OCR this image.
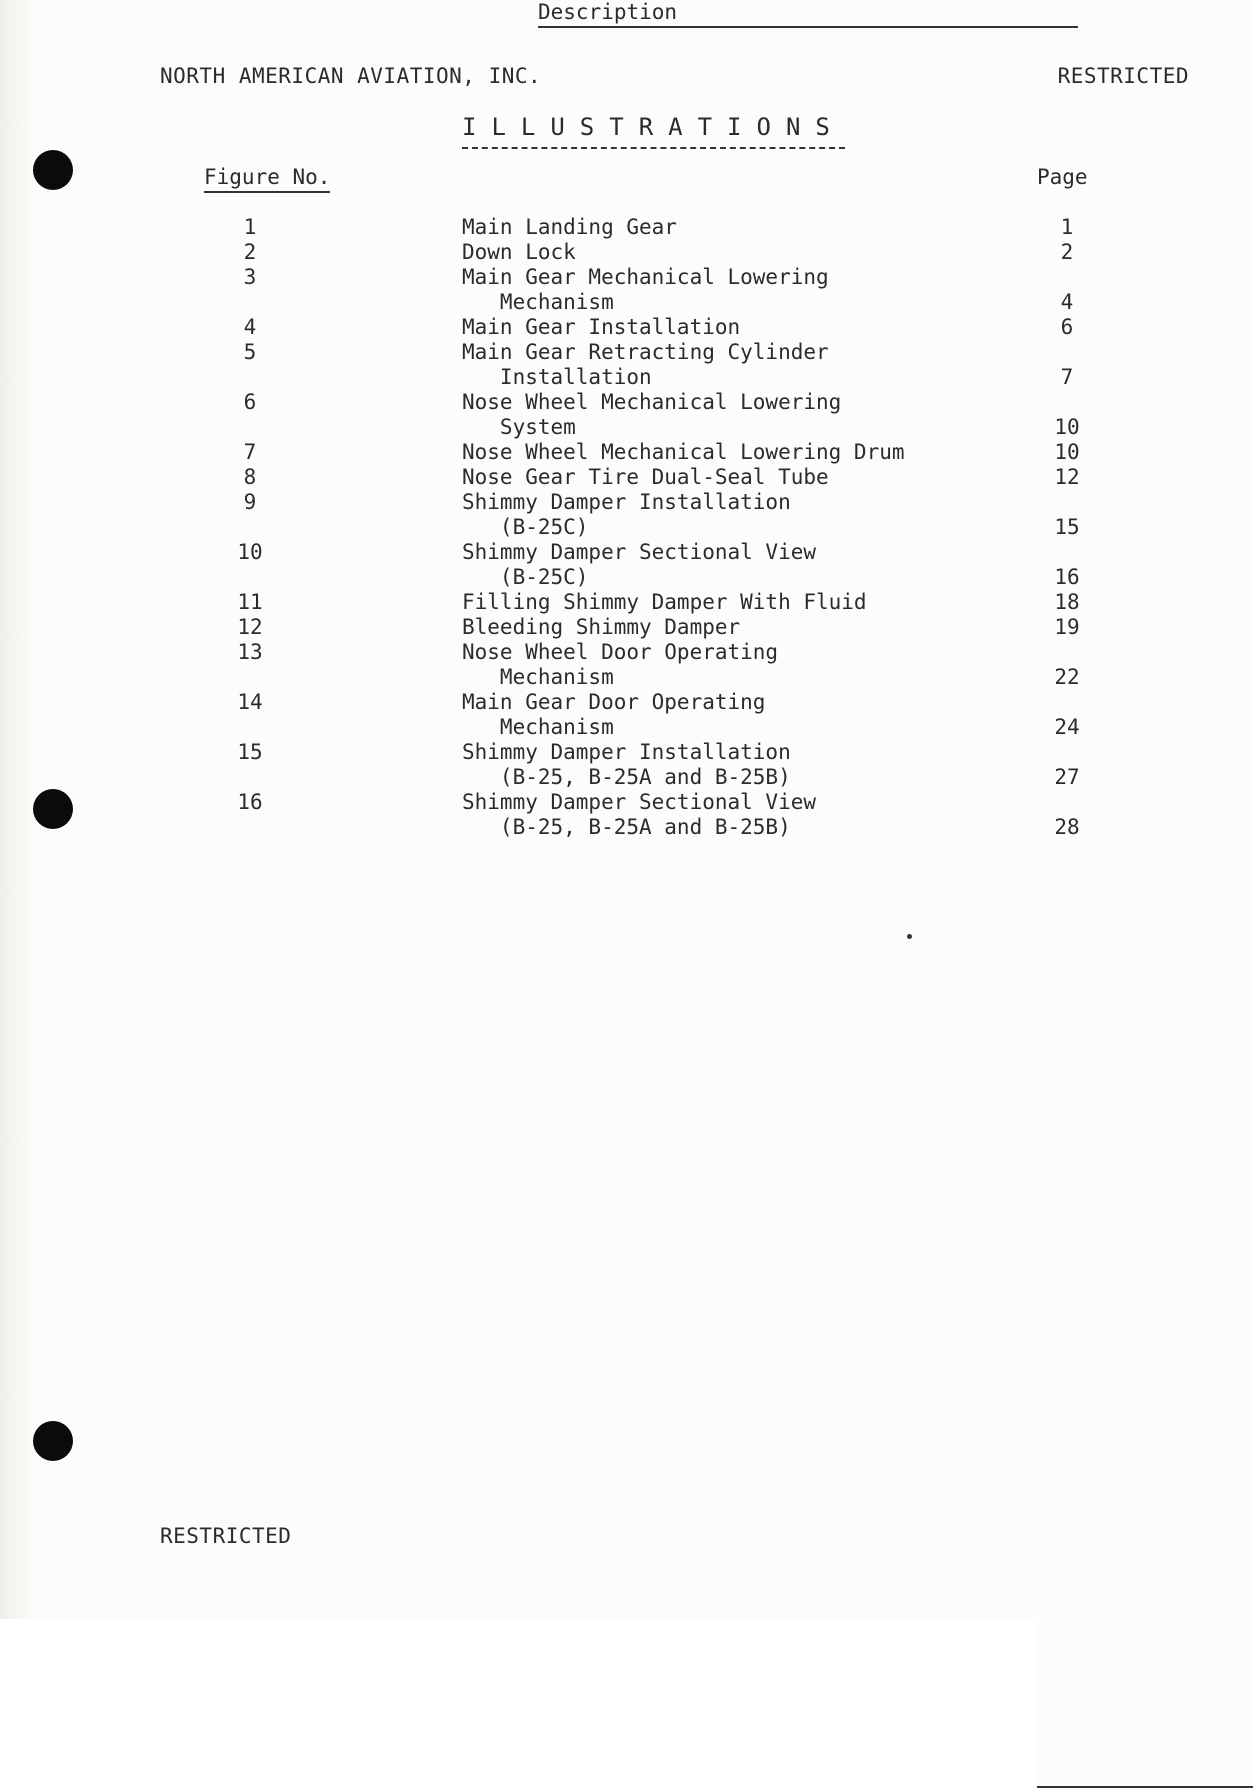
NORTH AMERICAN AVIATION, INC.	RESTRICTED
ILLUSTRATIONS
Figure No.
Description
Page
1	Main Landing Gear	1
2	Down Lock	2
3	Main Gear Mechanical Lowering
Mechanism	4
4	Main Gear Installation	6
5	Main Gear Retracting Cylinder
Installation	7
6	Nose Wheel Mechanical Lowering
System	10
7	Nose Wheel Mechanical Lowering Drum	10
8	Nose Gear Tire Dual-Seal Tube	12
9	Shimmy Damper Installation
(B-25C)	15
10	Shimmy Damper Sectional View
(B-25C)	16
11	Filling Shimmy Damper With Fluid	18
12	Bleeding Shimmy Damper	19
13	Nose Wheel Door Operating
Mechanism	22
14	Main Gear Door Operating
Mechanism	24
15	Shimmy Damper Installation
(B-25, B-25A and B-25B)	27
16	Shimmy Damper Sectional View
(B-25, B-25A and B-25B)	28
RESTRICTED
